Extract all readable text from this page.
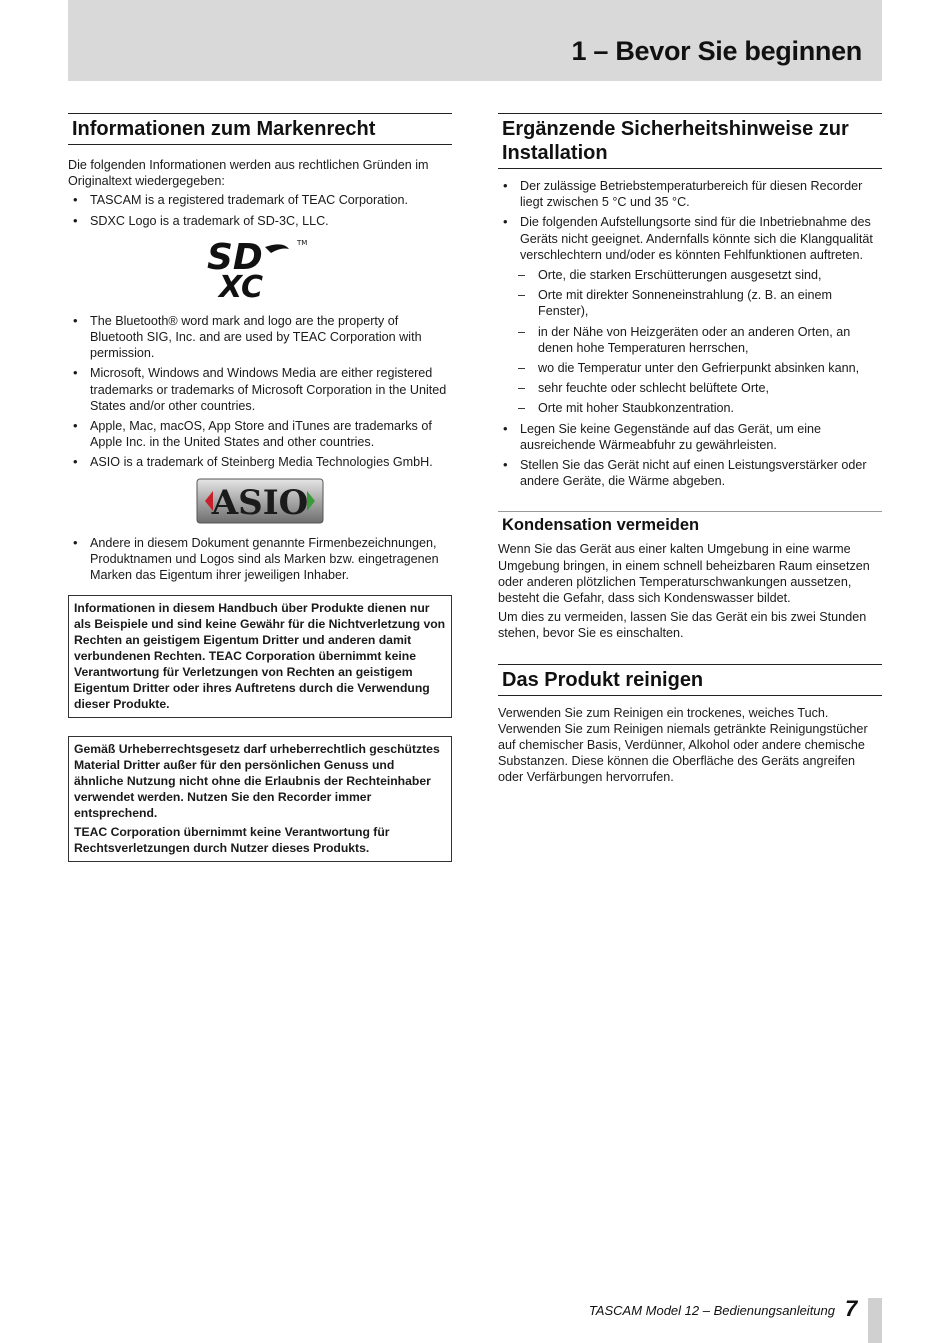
1 – Bevor Sie beginnen
Informationen zum Markenrecht

Die folgenden Informationen werden aus rechtlichen Gründen im Originaltext wiedergegeben:

• TASCAM is a registered trademark of TEAC Corporation.
• SDXC Logo is a trademark of SD-3C, LLC.
SD
XC
TM
• The Bluetooth® word mark and logo are the property of Bluetooth SIG, Inc. and are used by TEAC Corporation with permission.
• Microsoft, Windows and Windows Media are either registered trademarks or trademarks of Microsoft Corporation in the United States and/or other countries.
• Apple, Mac, macOS, App Store and iTunes are trademarks of Apple Inc. in the United States and other countries.
• ASIO is a trademark of Steinberg Media Technologies GmbH.
ASIO
• Andere in diesem Dokument genannte Firmenbezeichnungen, Produktnamen und Logos sind als Marken bzw. eingetragenen Marken das Eigentum ihrer jeweiligen Inhaber.

Informationen in diesem Handbuch über Produkte dienen nur als Beispiele und sind keine Gewähr für die Nichtverletzung von Rechten an geistigem Eigentum Dritter und anderen damit verbundenen Rechten. TEAC Corporation übernimmt keine Verantwortung für Verletzungen von Rechten an geistigem Eigentum Dritter oder ihres Auftretens durch die Verwendung dieser Produkte.

Gemäß Urheberrechtsgesetz darf urheberrechtlich geschütztes Material Dritter außer für den persönlichen Genuss und ähnliche Nutzung nicht ohne die Erlaubnis der Rechteinhaber verwendet werden. Nutzen Sie den Recorder immer entsprechend.

TEAC Corporation übernimmt keine Verantwortung für Rechtsverletzungen durch Nutzer dieses Produkts.

Ergänzende Sicherheitshinweise zur Installation
• Der zulässige Betriebstemperaturbereich für diesen Recorder liegt zwischen 5 °C und 35 °C.
• Die folgenden Aufstellungsorte sind für die Inbetriebnahme des Geräts nicht geeignet. Andernfalls könnte sich die Klangqualität verschlechtern und/oder es könnten Fehlfunktionen auftreten.
– Orte, die starken Erschütterungen ausgesetzt sind,
– Orte mit direkter Sonneneinstrahlung (z. B. an einem Fenster),
– in der Nähe von Heizgeräten oder an anderen Orten, an denen hohe Temperaturen herrschen,
– wo die Temperatur unter den Gefrierpunkt absinken kann,
– sehr feuchte oder schlecht belüftete Orte,
– Orte mit hoher Staubkonzentration.
• Legen Sie keine Gegenstände auf das Gerät, um eine ausreichende Wärmeabfuhr zu gewährleisten.
• Stellen Sie das Gerät nicht auf einen Leistungsverstärker oder andere Geräte, die Wärme abgeben.
Kondensation vermeiden

Wenn Sie das Gerät aus einer kalten Umgebung in eine warme Umgebung bringen, in einem schnell beheizbaren Raum einsetzen oder anderen plötzlichen Temperaturschwankungen aussetzen, besteht die Gefahr, dass sich Kondenswasser bildet.

Um dies zu vermeiden, lassen Sie das Gerät ein bis zwei Stunden stehen, bevor Sie es einschalten.

Das Produkt reinigen

Verwenden Sie zum Reinigen ein trockenes, weiches Tuch. Verwenden Sie zum Reinigen niemals getränkte Reinigungstücher auf chemischer Basis, Verdünner, Alkohol oder andere chemische Substanzen. Diese können die Oberfläche des Geräts angreifen oder Verfärbungen hervorrufen.

TASCAM Model 12 – Bedienungsanleitung 7
